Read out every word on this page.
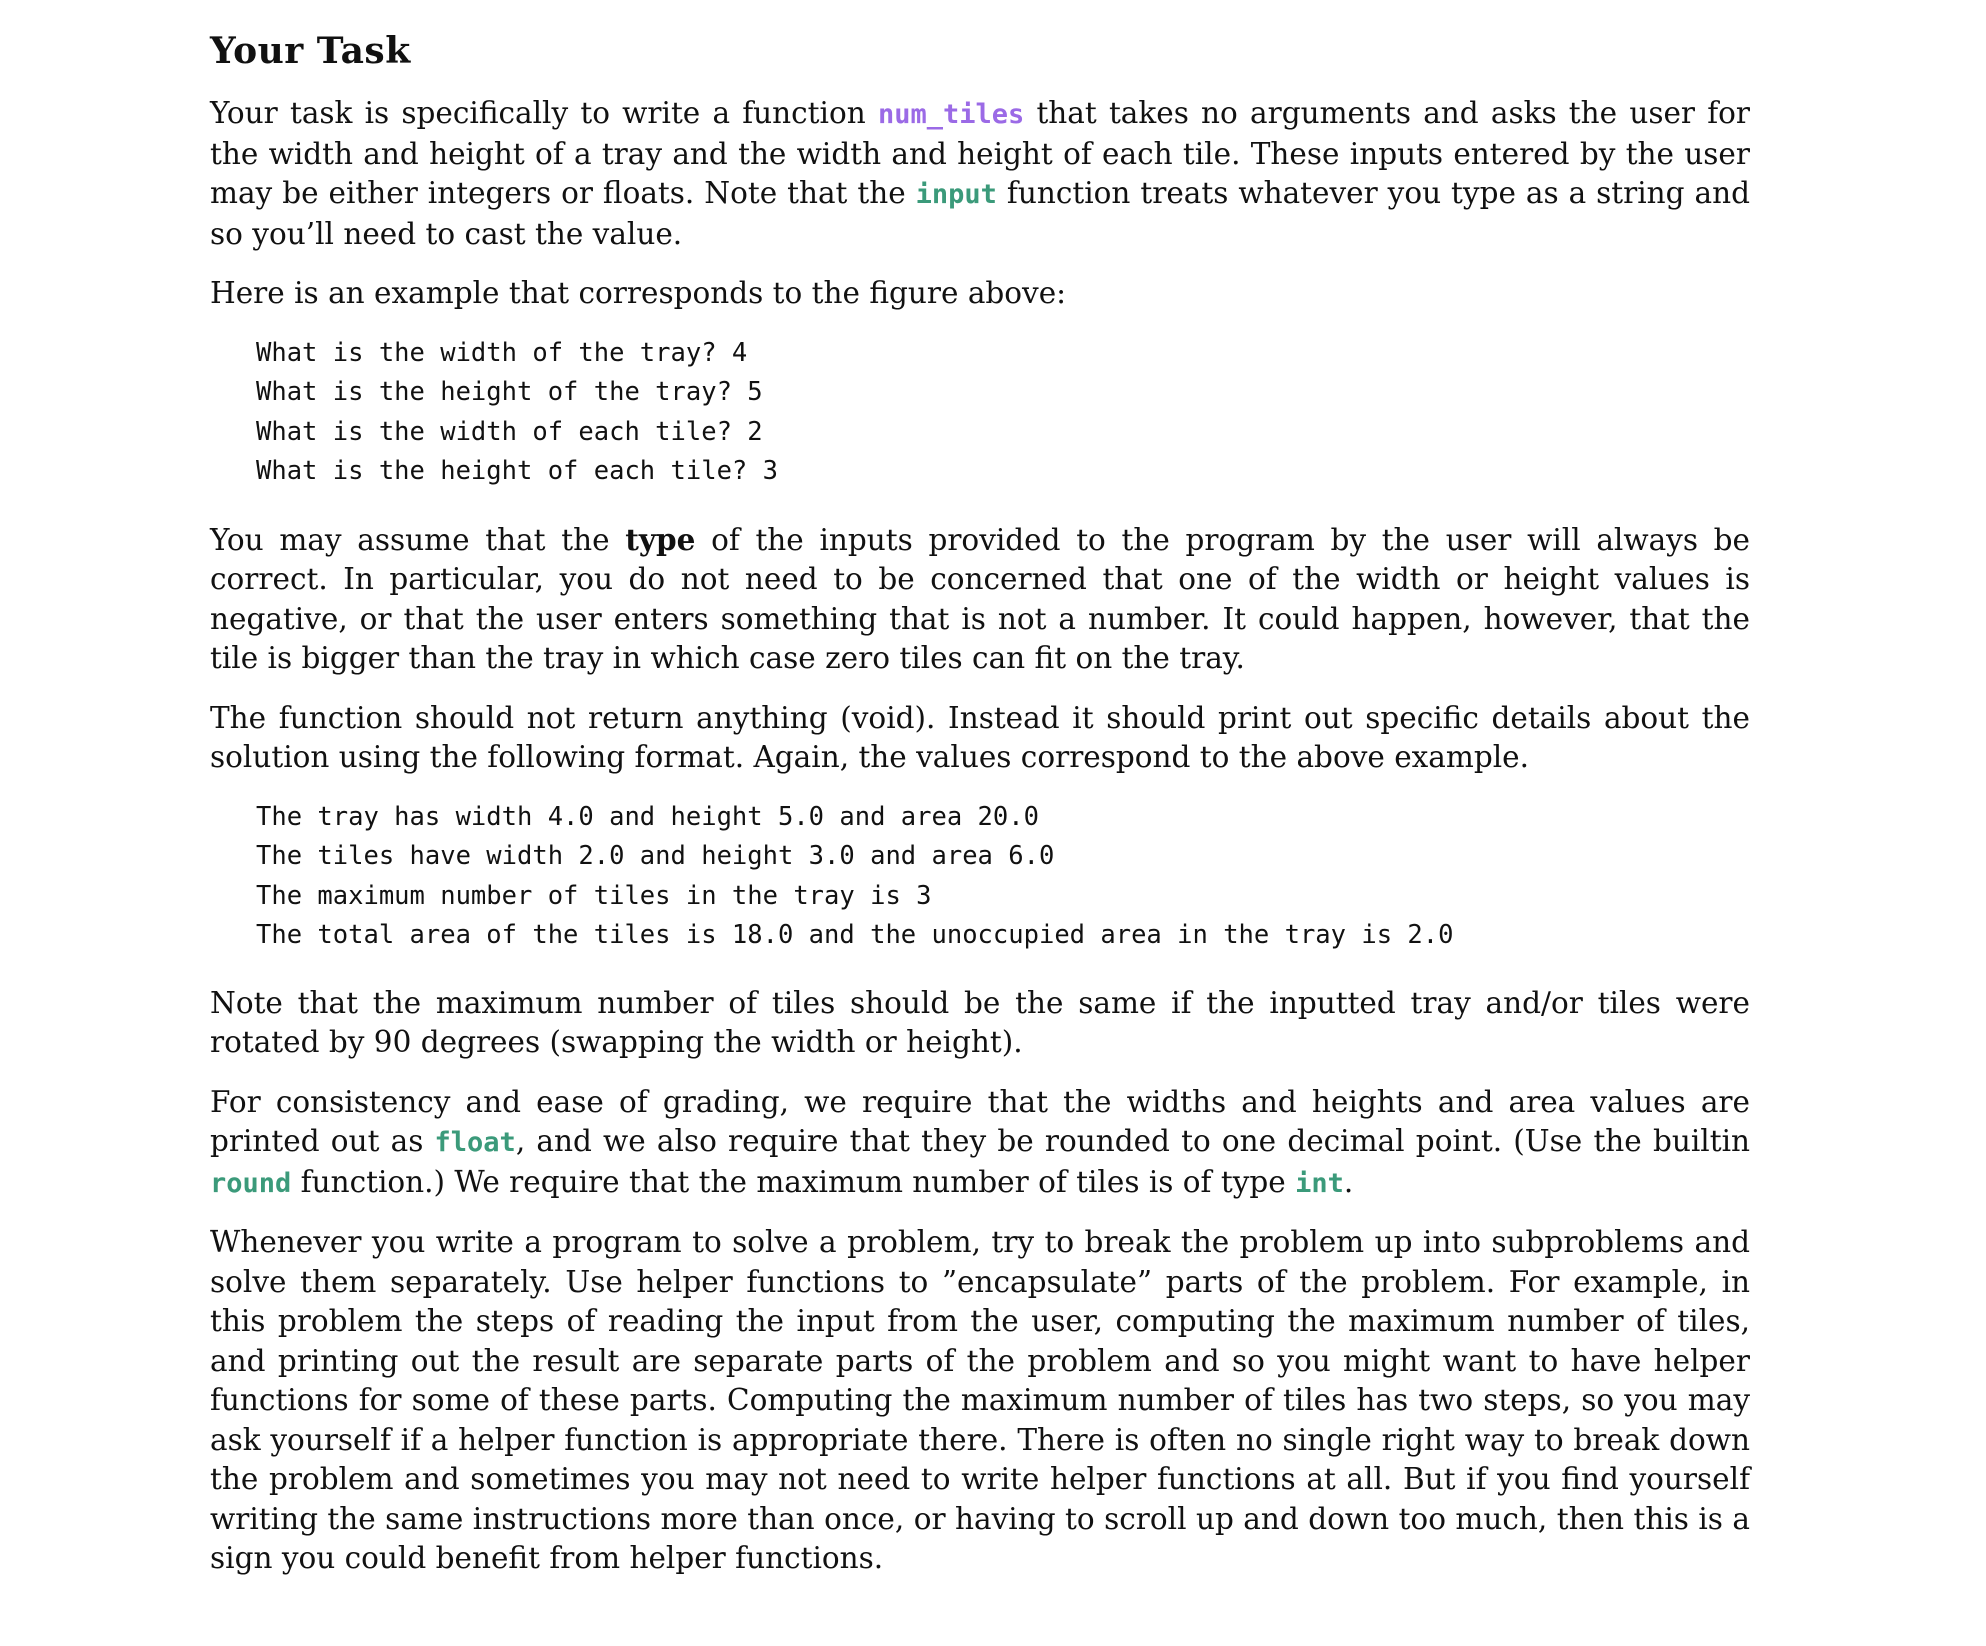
Your Task

Your task is specifically to write a function num_tiles that takes no arguments and asks the user for the width and height of a tray and the width and height of each tile. These inputs entered by the user may be either integers or floats. Note that the input function treats whatever you type as a string and so you’ll need to cast the value.

Here is an example that corresponds to the figure above:

What is the width of the tray? 4
What is the height of the tray? 5
What is the width of each tile? 2
What is the height of each tile? 3

You may assume that the type of the inputs provided to the program by the user will always be correct. In particular, you do not need to be concerned that one of the width or height values is negative, or that the user enters something that is not a number. It could happen, however, that the tile is bigger than the tray in which case zero tiles can fit on the tray.

The function should not return anything (void). Instead it should print out specific details about the solution using the following format. Again, the values correspond to the above example.

The tray has width 4.0 and height 5.0 and area 20.0
The tiles have width 2.0 and height 3.0 and area 6.0
The maximum number of tiles in the tray is 3
The total area of the tiles is 18.0 and the unoccupied area in the tray is 2.0

Note that the maximum number of tiles should be the same if the inputted tray and/or tiles were rotated by 90 degrees (swapping the width or height).

For consistency and ease of grading, we require that the widths and heights and area values are printed out as float, and we also require that they be rounded to one decimal point. (Use the builtin round function.) We require that the maximum number of tiles is of type int.

Whenever you write a program to solve a problem, try to break the problem up into subproblems and solve them separately. Use helper functions to ”encapsulate” parts of the problem. For example, in this problem the steps of reading the input from the user, computing the maximum number of tiles, and printing out the result are separate parts of the problem and so you might want to have helper functions for some of these parts. Computing the maximum number of tiles has two steps, so you may ask yourself if a helper function is appropriate there. There is often no single right way to break down the problem and sometimes you may not need to write helper functions at all. But if you find yourself writing the same instructions more than once, or having to scroll up and down too much, then this is a sign you could benefit from helper functions.
